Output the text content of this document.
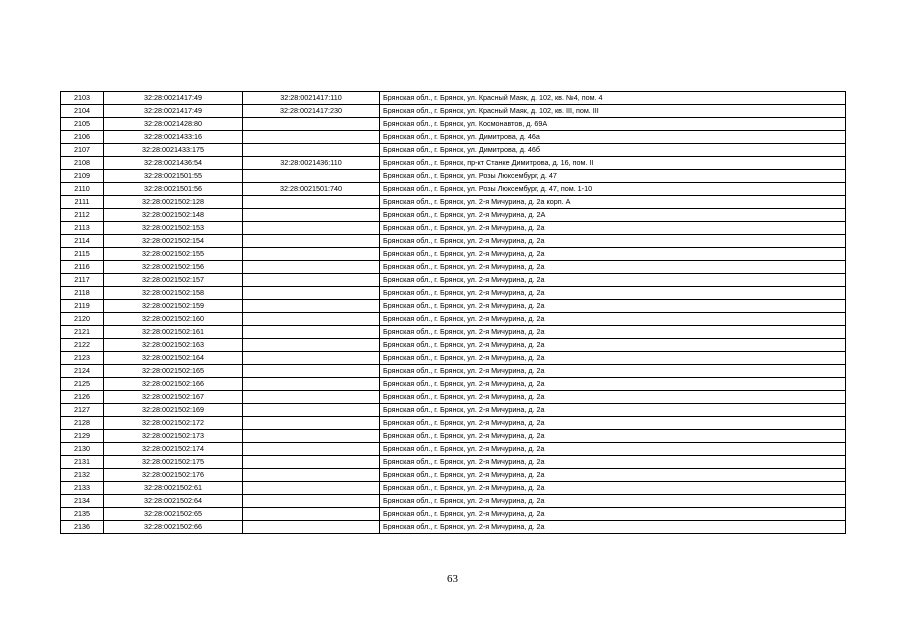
2103	32:28:0021417:49	32:28:0021417:110	Брянская обл., г. Брянск, ул. Красный Маяк, д. 102, кв. №4, пом. 4
2104	32:28:0021417:49	32:28:0021417:230	Брянская обл., г. Брянск, ул. Красный Маяк, д. 102, кв. III, пом. III
2105	32:28:0021428:80		Брянская обл., г. Брянск, ул. Космонавтов, д. 69А
2106	32:28:0021433:16		Брянская обл., г. Брянск, ул. Димитрова, д. 46а
2107	32:28:0021433:175		Брянская обл., г. Брянск, ул. Димитрова, д. 46б
2108	32:28:0021436:54	32:28:0021436:110	Брянская обл., г. Брянск, пр-кт Станке Димитрова, д. 16, пом. II
2109	32:28:0021501:55		Брянская обл., г. Брянск, ул. Розы Люксембург, д. 47
2110	32:28:0021501:56	32:28:0021501:740	Брянская обл., г. Брянск, ул. Розы Люксембург, д. 47, пом. 1-10
2111	32:28:0021502:128		Брянская обл., г. Брянск, ул. 2-я Мичурина, д. 2а корп. А
2112	32:28:0021502:148		Брянская обл., г. Брянск, ул. 2-я Мичурина, д. 2А
2113	32:28:0021502:153		Брянская обл., г. Брянск, ул. 2-я Мичурина, д. 2а
2114	32:28:0021502:154		Брянская обл., г. Брянск, ул. 2-я Мичурина, д. 2а
2115	32:28:0021502:155		Брянская обл., г. Брянск, ул. 2-я Мичурина, д. 2а
2116	32:28:0021502:156		Брянская обл., г. Брянск, ул. 2-я Мичурина, д. 2а
2117	32:28:0021502:157		Брянская обл., г. Брянск, ул. 2-я Мичурина, д. 2а
2118	32:28:0021502:158		Брянская обл., г. Брянск, ул. 2-я Мичурина, д. 2а
2119	32:28:0021502:159		Брянская обл., г. Брянск, ул. 2-я Мичурина, д. 2а
2120	32:28:0021502:160		Брянская обл., г. Брянск, ул. 2-я Мичурина, д. 2а
2121	32:28:0021502:161		Брянская обл., г. Брянск, ул. 2-я Мичурина, д. 2а
2122	32:28:0021502:163		Брянская обл., г. Брянск, ул. 2-я Мичурина, д. 2а
2123	32:28:0021502:164		Брянская обл., г. Брянск, ул. 2-я Мичурина, д. 2а
2124	32:28:0021502:165		Брянская обл., г. Брянск, ул. 2-я Мичурина, д. 2а
2125	32:28:0021502:166		Брянская обл., г. Брянск, ул. 2-я Мичурина, д. 2а
2126	32:28:0021502:167		Брянская обл., г. Брянск, ул. 2-я Мичурина, д. 2а
2127	32:28:0021502:169		Брянская обл., г. Брянск, ул. 2-я Мичурина, д. 2а
2128	32:28:0021502:172		Брянская обл., г. Брянск, ул. 2-я Мичурина, д. 2а
2129	32:28:0021502:173		Брянская обл., г. Брянск, ул. 2-я Мичурина, д. 2а
2130	32:28:0021502:174		Брянская обл., г. Брянск, ул. 2-я Мичурина, д. 2а
2131	32:28:0021502:175		Брянская обл., г. Брянск, ул. 2-я Мичурина, д. 2а
2132	32:28:0021502:176		Брянская обл., г. Брянск, ул. 2-я Мичурина, д. 2а
2133	32:28:0021502:61		Брянская обл., г. Брянск, ул. 2-я Мичурина, д. 2а
2134	32:28:0021502:64		Брянская обл., г. Брянск, ул. 2-я Мичурина, д. 2а
2135	32:28:0021502:65		Брянская обл., г. Брянск, ул. 2-я Мичурина, д. 2а
2136	32:28:0021502:66		Брянская обл., г. Брянск, ул. 2-я Мичурина, д. 2а
63
